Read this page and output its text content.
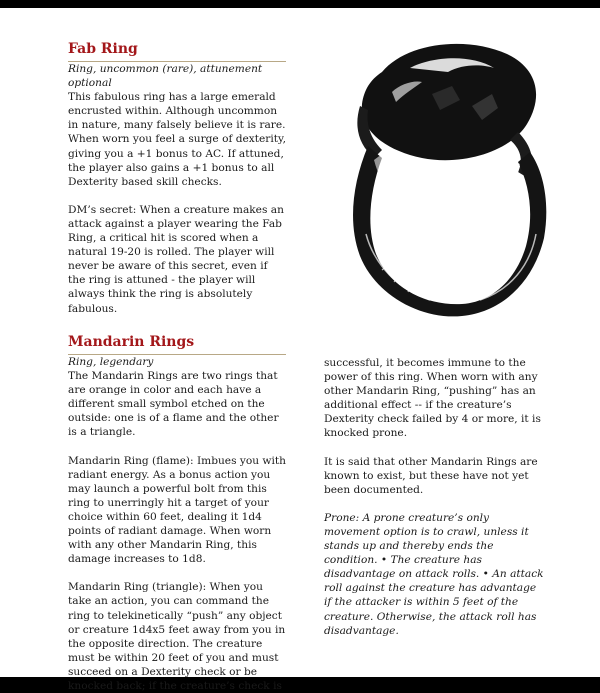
Fab Ring

Ring, uncommon (rare), attunement optional

This fabulous ring has a large emerald encrusted within. Although uncommon in nature, many falsely believe it is rare. When worn you feel a surge of dexterity, giving you a +1 bonus to AC. If attuned, the player also gains a +1 bonus to all Dexterity based skill checks.

DM’s secret: When a creature makes an attack against a player wearing the Fab Ring, a critical hit is scored when a natural 19-20 is rolled. The player will never be aware of this secret, even if the ring is attuned - the player will always think the ring is absolutely fabulous.

Mandarin Rings

Ring, legendary

The Mandarin Rings are two rings that are orange in color and each have a different small symbol etched on the outside: one is of a flame and the other is a triangle.

Mandarin Ring (flame): Imbues you with radiant energy. As a bonus action you may launch a powerful bolt from this ring to unerringly hit a target of your choice within 60 feet, dealing it 1d4 points of radiant damage. When worn with any other Mandarin Ring, this damage increases to 1d8.

Mandarin Ring (triangle): When you take an action, you can command the ring to telekinetically “push” any object or creature 1d4x5 feet away from you in the opposite direction. The creature must be within 20 feet of you and must succeed on a Dexterity check or be knocked back; if the creature’s check is

successful, it becomes immune to the power of this ring. When worn with any other Mandarin Ring, “pushing” has an additional effect -- if the creature’s Dexterity check failed by 4 or more, it is knocked prone.

It is said that other Mandarin Rings are known to exist, but these have not yet been documented.

Prone: A prone creature’s only movement option is to crawl, unless it stands up and thereby ends the condition. • The creature has disadvantage on attack rolls. • An attack roll against the creature has advantage if the attacker is within 5 feet of the creature. Otherwise, the attack roll has disadvantage.
